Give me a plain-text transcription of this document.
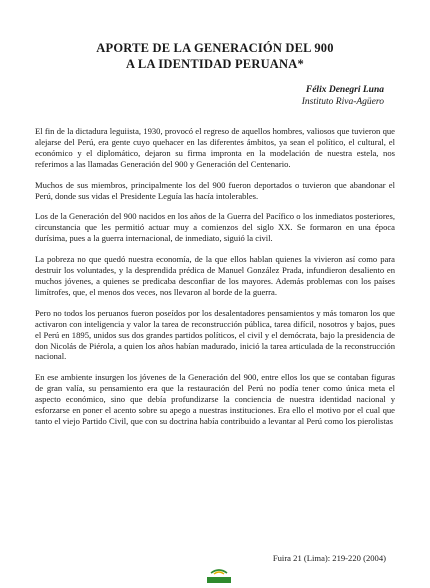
APORTE DE LA GENERACIÓN DEL 900
A LA IDENTIDAD PERUANA*
Félix Denegri Luna
Instituto Riva-Agüero

El fin de la dictadura leguiista, 1930, provocó el regreso de aquellos hombres, valiosos que tuvieron que alejarse del Perú, era gente cuyo quehacer en las diferentes ámbitos, ya sean el político, el cultural, el económico y el diplomático, dejaron su firma impronta en la modelación de nuestra estela, nos referimos a las llamadas Generación del 900 y Generación del Centenario.

Muchos de sus miembros, principalmente los del 900 fueron deportados o tuvieron que abandonar el Perú, donde sus vidas el Presidente Leguía las hacía intolerables.

Los de la Generación del 900 nacidos en los años de la Guerra del Pacífico o los inmediatos posteriores, circunstancia que les permitió actuar muy a comienzos del siglo XX. Se formaron en una época durísima, pues a la guerra internacional, de inmediato, siguió la civil.

La pobreza no que quedó nuestra economía, de la que ellos hablan quienes la vivieron así como para destruir los voluntades, y la desprendida prédica de Manuel González Prada, infundieron desaliento en muchos jóvenes, a quienes se predicaba desconfiar de los mayores. Además problemas con los países limítrofes, que, el menos dos veces, nos llevaron al borde de la guerra.

Pero no todos los peruanos fueron poseídos por los desalentadores pensamientos y más tomaron los que activaron con inteligencia y valor la tarea de reconstrucción pública, tarea difícil, nosotros y bajos, pues el Perú en 1895, unidos sus dos grandes partidos políticos, el civil y el demócrata, bajo la presidencia de don Nicolás de Piérola, a quien los años habían madurado, inició la tarea articulada de la reconstrucción nacional.

En ese ambiente insurgen los jóvenes de la Generación del 900, entre ellos los que se contaban figuras de gran valía, su pensamiento era que la restauración del Perú no podía tener como única meta el aspecto económico, sino que debía profundizarse la conciencia de nuestra identidad nacional y esforzarse en poner el acento sobre su apego a nuestras instituciones. Era ello el motivo por el cual que tanto el viejo Partido Civil, que con su doctrina había contribuido a levantar al Perú como los pierolistas

Fuira 21 (Lima): 219-220 (2004)
